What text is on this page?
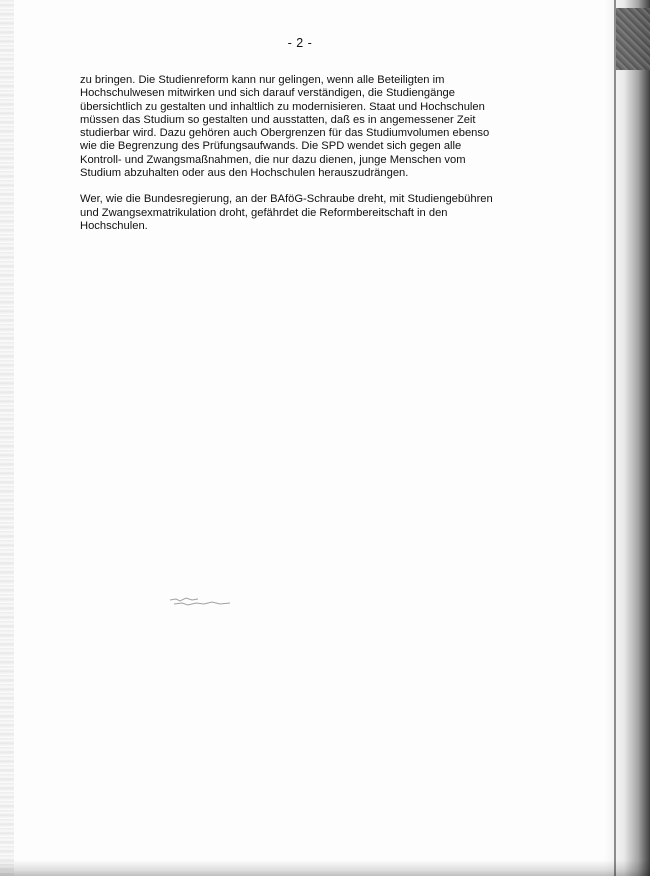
- 2 -

zu bringen. Die Studienreform kann nur gelingen, wenn alle Beteiligten im
Hochschulwesen mitwirken und sich darauf verständigen, die Studiengänge
übersichtlich zu gestalten und inhaltlich zu modernisieren. Staat und Hochschulen
müssen das Studium so gestalten und ausstatten, daß es in angemessener Zeit
studierbar wird. Dazu gehören auch Obergrenzen für das Studiumvolumen ebenso
wie die Begrenzung des Prüfungsaufwands. Die SPD wendet sich gegen alle
Kontroll- und Zwangsmaßnahmen, die nur dazu dienen, junge Menschen vom
Studium abzuhalten oder aus den Hochschulen herauszudrängen.

Wer, wie die Bundesregierung, an der BAföG-Schraube dreht, mit Studiengebühren
und Zwangsexmatrikulation droht, gefährdet die Reformbereitschaft in den
Hochschulen.
